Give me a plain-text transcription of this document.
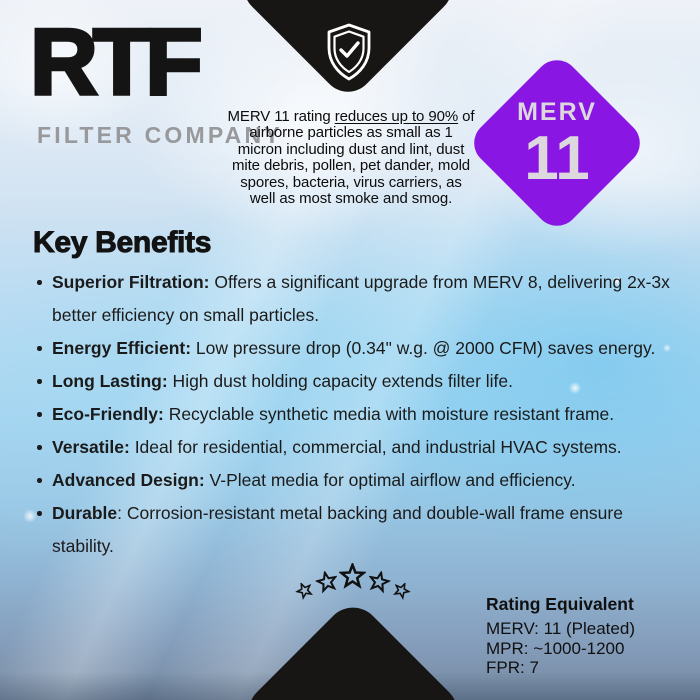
RTF
FILTER COMPANY
MERV 11 rating reduces up to 90% of airborne particles as small as 1 micron including dust and lint, dust mite debris, pollen, pet dander, mold spores, bacteria, virus carriers, as well as most smoke and smog.
MERV
11
Key Benefits
Superior Filtration: Offers a significant upgrade from MERV 8, delivering 2x-3x better efficiency on small particles.
Energy Efficient: Low pressure drop (0.34" w.g. @ 2000 CFM) saves energy.
Long Lasting: High dust holding capacity extends filter life.
Eco-Friendly: Recyclable synthetic media with moisture resistant frame.
Versatile: Ideal for residential, commercial, and industrial HVAC systems.
Advanced Design: V-Pleat media for optimal airflow and efficiency.
Durable: Corrosion-resistant metal backing and double-wall frame ensure stability.
Rating Equivalent
MERV: 11 (Pleated)
MPR: ~1000-1200
FPR: 7
